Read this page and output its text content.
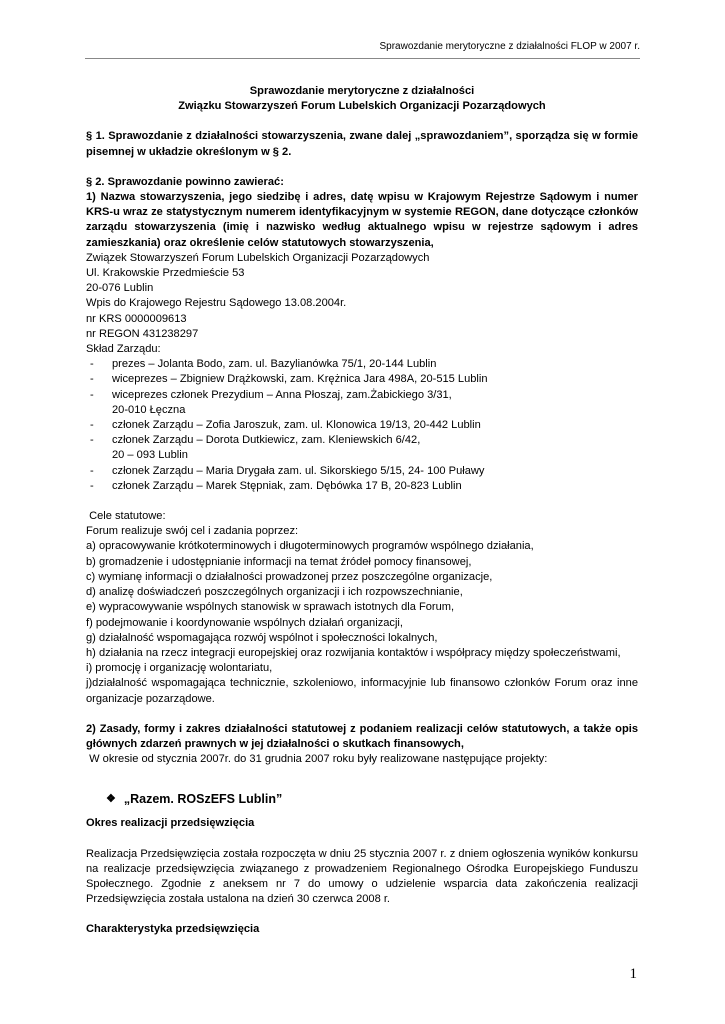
Sprawozdanie merytoryczne z działalności FLOP w 2007 r.
Sprawozdanie merytoryczne z działalności
Związku Stowarzyszeń Forum Lubelskich Organizacji Pozarządowych
§ 1. Sprawozdanie z działalności stowarzyszenia, zwane dalej „sprawozdaniem”, sporządza się w formie pisemnej w układzie określonym w § 2.
§ 2. Sprawozdanie powinno zawierać:
1) Nazwa stowarzyszenia, jego siedzibę i adres, datę wpisu w Krajowym Rejestrze Sądowym i numer KRS-u wraz ze statystycznym numerem identyfikacyjnym w systemie REGON, dane dotyczące członków zarządu stowarzyszenia (imię i nazwisko według aktualnego wpisu w rejestrze sądowym i adres zamieszkania) oraz określenie celów statutowych stowarzyszenia,
Związek Stowarzyszeń Forum Lubelskich Organizacji Pozarządowych
Ul. Krakowskie Przedmieście 53
20-076 Lublin
Wpis do Krajowego Rejestru Sądowego 13.08.2004r.
nr KRS 0000009613
nr REGON 431238297
Skład Zarządu:
- prezes – Jolanta Bodo, zam. ul. Bazylianówka 75/1, 20-144 Lublin
- wiceprezes – Zbigniew Drążkowski, zam. Krężnica Jara 498A, 20-515 Lublin
- wiceprezes członek Prezydium – Anna Płoszaj, zam.Żabickiego 3/31,
20-010 Łęczna
- członek Zarządu – Zofia Jaroszuk, zam. ul. Klonowica 19/13, 20-442 Lublin
- członek Zarządu – Dorota Dutkiewicz, zam. Kleniewskich 6/42,
20 – 093 Lublin
- członek Zarządu – Maria Drygała zam. ul. Sikorskiego 5/15, 24- 100 Puławy
- członek Zarządu – Marek Stępniak, zam. Dębówka 17 B, 20-823 Lublin
Cele statutowe:
Forum realizuje swój cel i zadania poprzez:
a) opracowywanie krótkoterminowych i długoterminowych programów wspólnego działania,
b) gromadzenie i udostępnianie informacji na temat źródeł pomocy finansowej,
c) wymianę informacji o działalności prowadzonej przez poszczególne organizacje,
d) analizę doświadczeń poszczególnych organizacji i ich rozpowszechnianie,
e) wypracowywanie wspólnych stanowisk w sprawach istotnych dla Forum,
f) podejmowanie i koordynowanie wspólnych działań organizacji,
g) działalność wspomagająca rozwój wspólnot i społeczności lokalnych,
h) działania na rzecz integracji europejskiej oraz rozwijania kontaktów i współpracy między społeczeństwami,
i) promocję i organizację wolontariatu,
j)działalność wspomagająca technicznie, szkoleniowo, informacyjnie lub finansowo członków Forum oraz inne organizacje pozarządowe.
2) Zasady, formy i zakres działalności statutowej z podaniem realizacji celów statutowych, a także opis głównych zdarzeń prawnych w jej działalności o skutkach finansowych,
W okresie od stycznia 2007r. do 31 grudnia 2007 roku były realizowane następujące projekty:
❖ „Razem. ROSzEFS Lublin”
Okres realizacji przedsięwzięcia
Realizacja Przedsięwzięcia została rozpoczęta w dniu 25 stycznia 2007 r. z dniem ogłoszenia wyników konkursu na realizacje przedsięwzięcia związanego z prowadzeniem Regionalnego Ośrodka Europejskiego Funduszu Społecznego. Zgodnie z aneksem nr 7 do umowy o udzielenie wsparcia data zakończenia realizacji Przedsięwzięcia została ustalona na dzień 30 czerwca 2008 r.
Charakterystyka przedsięwzięcia
1
